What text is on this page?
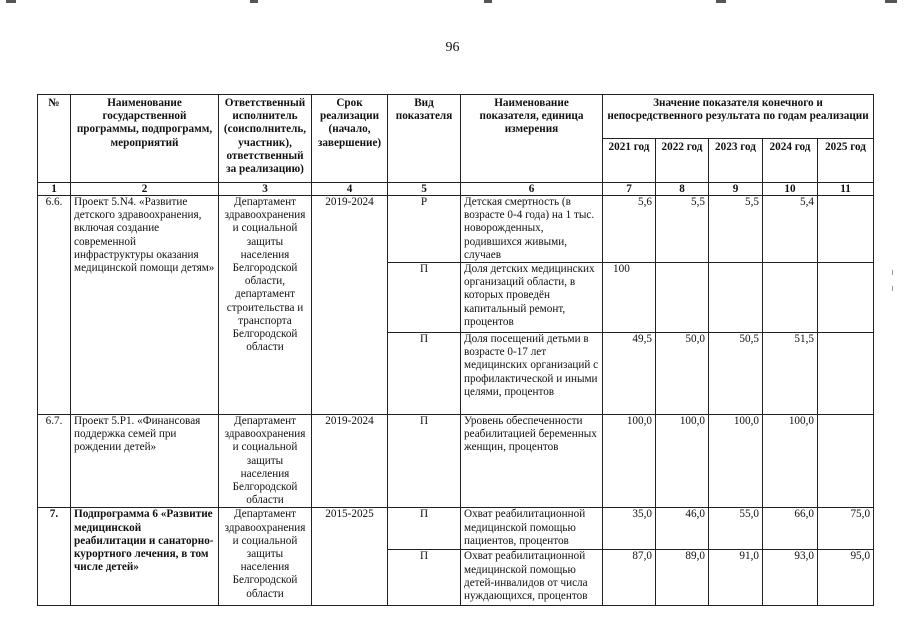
96
№	Наименование государственной программы, подпрограмм, мероприятий	Ответственный исполнитель (соисполнитель, участник), ответственный за реализацию)	Срок реализации (начало, завершение)	Вид показателя	Наименование показателя, единица измерения	Значение показателя конечного и непосредственного результата по годам реализации				
						2021 год	2022 год	2023 год	2024 год	2025 год
1	2	3	4	5	6	7	8	9	10	11
6.6.	Проект 5.N4. «Развитие детского здравоохранения, включая создание современной инфраструктуры оказания медицинской помощи детям»	Департамент здравоохранения и социальной защиты населения Белгородской области, департамент строительства и транспорта Белгородской области	2019-2024	Р	Детская смертность (в возрасте 0-4 года) на 1 тыс. новорожденных, родившихся живыми, случаев	5,6	5,5	5,5	5,4	
				П	Доля детских медицинских организаций области, в которых проведён капитальный ремонт, процентов	100				
				П	Доля посещений детьми в возрасте 0-17 лет медицинских организаций с профилактической и иными целями, процентов	49,5	50,0	50,5	51,5	
6.7.	Проект 5.P1. «Финансовая поддержка семей при рождении детей»	Департамент здравоохранения и социальной защиты населения Белгородской области	2019-2024	П	Уровень обеспеченности реабилитацией беременных женщин, процентов	100,0	100,0	100,0	100,0	
7.	Подпрограмма 6 «Развитие медицинской реабилитации и санаторно-курортного лечения, в том числе детей»	Департамент здравоохранения и социальной защиты населения Белгородской области	2015-2025	П	Охват реабилитационной медицинской помощью пациентов, процентов	35,0	46,0	55,0	66,0	75,0
				П	Охват реабилитационной медицинской помощью детей-инвалидов от числа нуждающихся, процентов	87,0	89,0	91,0	93,0	95,0
